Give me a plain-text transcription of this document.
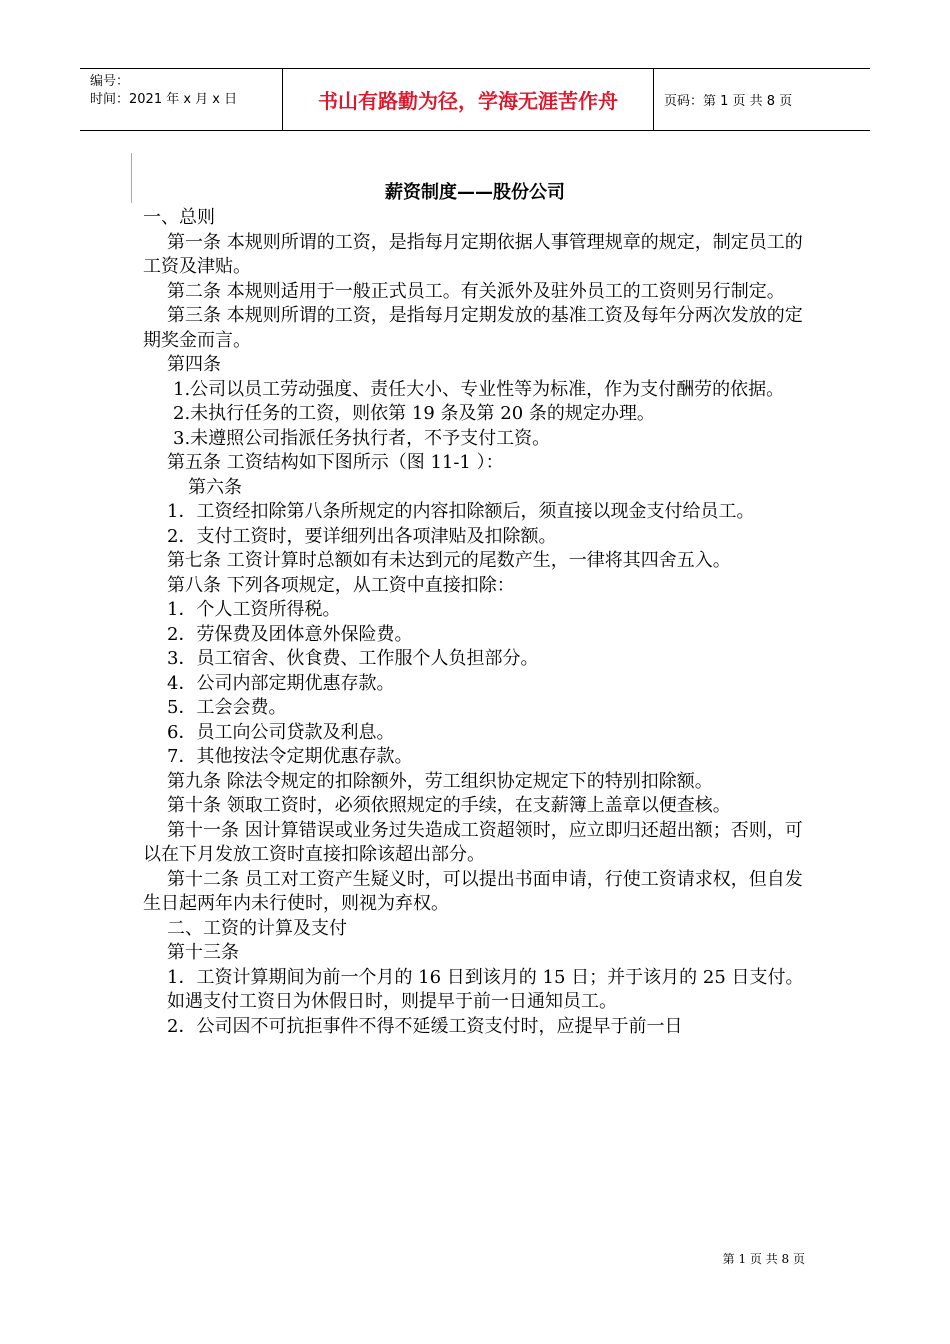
编号：
时间：2021 年 x 月 x 日	书山有路勤为径，学海无涯苦作舟	页码：第 1 页 共 8 页
薪资制度——股份公司

一、总则

第一条 本规则所谓的工资，是指每月定期依据人事管理规章的规定，制定员工的工资及津贴。

第二条 本规则适用于一般正式员工。有关派外及驻外员工的工资则另行制定。

第三条 本规则所谓的工资，是指每月定期发放的基准工资及每年分两次发放的定期奖金而言。

第四条

1.公司以员工劳动强度、责任大小、专业性等为标准，作为支付酬劳的依据。

2.未执行任务的工资，则依第 19 条及第 20 条的规定办理。

3.未遵照公司指派任务执行者，不予支付工资。

第五条 工资结构如下图所示（图 11-1 ）：

第六条

1．工资经扣除第八条所规定的内容扣除额后，须直接以现金支付给员工。

2．支付工资时，要详细列出各项津贴及扣除额。

第七条 工资计算时总额如有未达到元的尾数产生，一律将其四舍五入。

第八条 下列各项规定，从工资中直接扣除：

1．个人工资所得税。

2．劳保费及团体意外保险费。

3．员工宿舍、伙食费、工作服个人负担部分。

4．公司内部定期优惠存款。

5．工会会费。

6．员工向公司贷款及利息。

7．其他按法令定期优惠存款。

第九条 除法令规定的扣除额外，劳工组织协定规定下的特别扣除额。

第十条 领取工资时，必须依照规定的手续，在支薪簿上盖章以便查核。

第十一条 因计算错误或业务过失造成工资超领时，应立即归还超出额；否则，可以在下月发放工资时直接扣除该超出部分。

第十二条 员工对工资产生疑义时，可以提出书面申请，行使工资请求权，但自发生日起两年内未行使时，则视为弃权。

二、工资的计算及支付

第十三条

1．工资计算期间为前一个月的 16 日到该月的 15 日；并于该月的 25 日支付。

如遇支付工资日为休假日时，则提早于前一日通知员工。

2．公司因不可抗拒事件不得不延缓工资支付时，应提早于前一日

第 1 页 共 8 页
